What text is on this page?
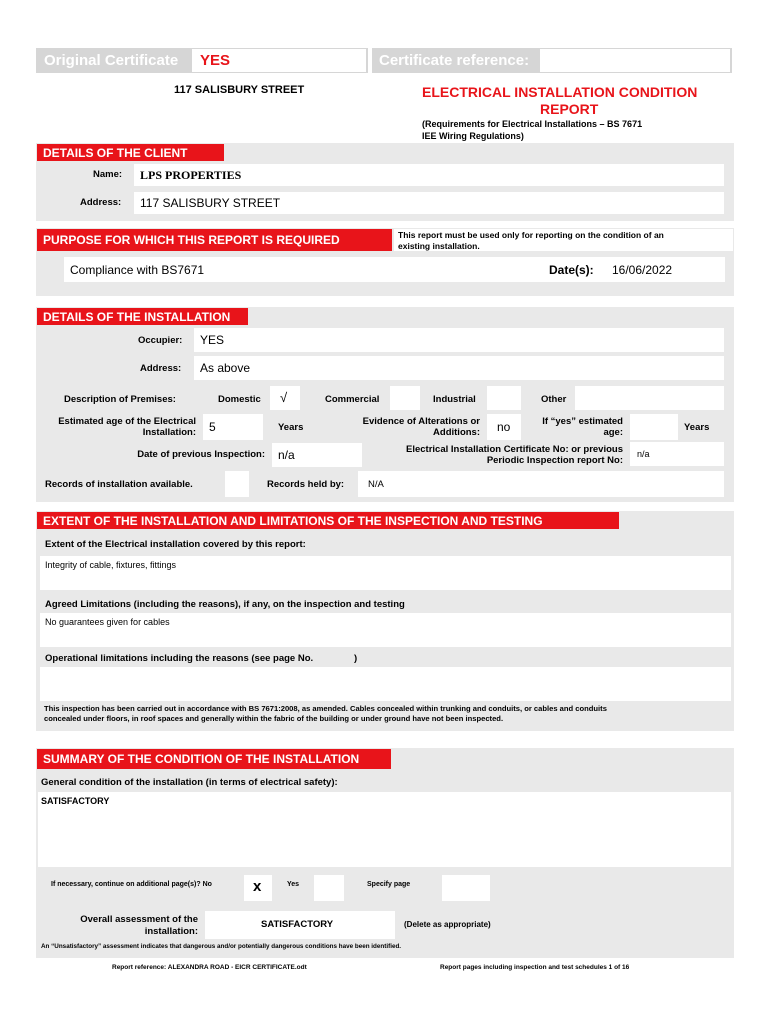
Original Certificate YES	Certificate reference:
117 SALISBURY STREET	ELECTRICAL INSTALLATION CONDITION
REPORT
(Requirements for Electrical Installations – BS 7671
IEE Wiring Regulations)
DETAILS OF THE CLIENT
Name: LPS PROPERTIES
Address: 117 SALISBURY STREET
PURPOSE FOR WHICH THIS REPORT IS REQUIRED	This report must be used only for reporting on the condition of an
existing installation.
Compliance with BS7671	Date(s): 16/06/2022
DETAILS OF THE INSTALLATION
Occupier: YES
Address: As above
Description of Premises:	Domestic √	Commercial	Industrial	Other
Estimated age of the Electrical
Installation: 5	Years
Evidence of Alterations or
Additions: no	If “yes” estimated
age:	Years
Date of previous Inspection: n/a	Electrical Installation Certificate No: or previous
Periodic Inspection report No:
n/a
Records of installation available.	Records held by:	N/A
EXTENT OF THE INSTALLATION AND LIMITATIONS OF THE INSPECTION AND TESTING
Extent of the Electrical installation covered by this report:
Integrity of cable, fixtures, fittings
Agreed Limitations (including the reasons), if any, on the inspection and testing
No guarantees given for cables
Operational limitations including the reasons (see page No.	)
This inspection has been carried out in accordance with BS 7671:2008, as amended. Cables concealed within trunking and conduits, or cables and conduits
concealed under floors, in roof spaces and generally within the fabric of the building or under ground have not been inspected.
SUMMARY OF THE CONDITION OF THE INSTALLATION
General condition of the installation (in terms of electrical safety):
SATISFACTORY
If necessary, continue on additional page(s)? No	x	Yes	Specify page
Overall assessment of the
installation:
SATISFACTORY	(Delete as appropriate)
An “Unsatisfactory” assessment indicates that dangerous and/or potentially dangerous conditions have been identified.
Report reference: ALEXANDRA ROAD - EICR CERTIFICATE.odt	Report pages including inspection and test schedules 1 of 16
